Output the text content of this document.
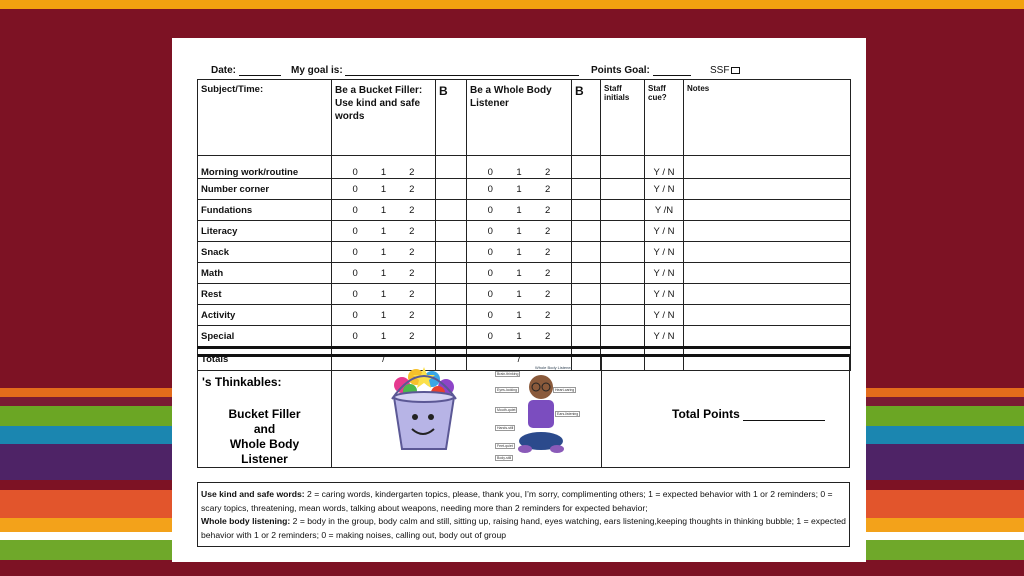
Date:	My goal is:	Points Goal:	SSF
Subject/Time:	Be a Bucket Filler: Use kind and safe words	B	Be a Whole Body Listener	B	Staff initials	Staff cue?	Notes
Morning work/routine	0 1 2		0 1 2			Y / N	
Number corner	0 1 2		0 1 2			Y / N	
Fundations	0 1 2		0 1 2			Y /N	
Literacy	0 1 2		0 1 2			Y / N	
Snack	0 1 2		0 1 2			Y / N	
Math	0 1 2		0 1 2			Y / N	
Rest	0 1 2		0 1 2			Y / N	
Activity	0 1 2		0 1 2			Y / N	
Special	0 1 2		0 1 2			Y / N	
Totals	/		/				
's Thinkables:
Bucket Filler
and
Whole Body Listener
Whole Body Listener
Brain-thinking
Eyes-looking
Mouth-quiet
Hands-still
Feet-quiet
Body-still
Heart-caring
Ears-listening	Total Points
Use kind and safe words: 2 = caring words, kindergarten topics, please, thank you, I’m sorry, complimenting others; 1 = expected behavior with 1 or 2 reminders; 0 = scary topics, threatening, mean words, talking about weapons, needing more than 2 reminders for expected behavior;
Whole body listening: 2 = body in the group, body calm and still, sitting up, raising hand, eyes watching, ears listening,keeping thoughts in thinking bubble; 1 = expected behavior with 1 or 2 reminders; 0 = making noises, calling out, body out of group
